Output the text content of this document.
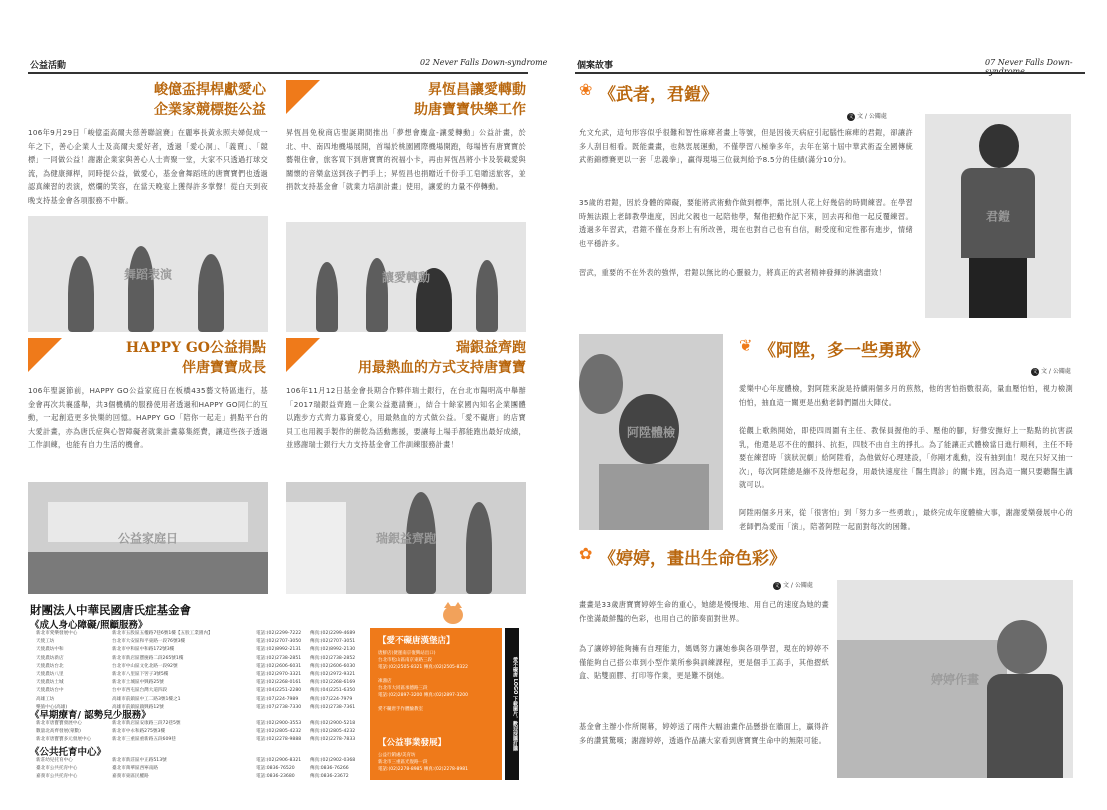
公益活動	02 Never Falls Down-syndrome
峻億盃捍桿獻愛心
企業家競標挺公益
106年9月29日「峻億盃高爾夫慈善聯誼賽」在麗寧長黃永照夫婦促成一年之下，善心企業人士及高爾夫愛好者，透過「愛心洞」、「義賣」、「競標」一同做公益！謝謝企業家與善心人士齊聚一堂，大家不只透過打球交流，為健康揮桿，同時提公益，做愛心，基金會舞蹈班的唐寶寶們也透過認真練習的表演，燃爛的笑容，在當天晚宴上獲得許多掌聲！從白天到夜晚支持基金會各項服務不中斷。
舞蹈表演
昇恆昌讓愛轉動
助唐寶寶快樂工作
昇恆昌免稅商店聖誕期間推出「夢想會麋盒-讓愛轉動」公益計畫，於北、中、南四地機場展開，首場於桃園國際機場開跑，每場皆有唐寶寶於藝報住會，旅客買下到唐寶寶的祝福小卡，再由昇恆昌將小卡及裝載愛與關懷的音樂盒送到孩子們手上；昇恆昌也捐贈近千份手工皂贈送旅客，並捐款支持基金會「就業力培訓計畫」使用，讓愛的力量不停轉動。
讓愛轉動
HAPPY GO公益捐點
伴唐寶寶成長
106年聖誕節前，HAPPY GO公益家庭日在板橋435藝文特區進行，基金會再次共襄盛舉，共3個機構的服務使用者透過和HAPPY GO同仁的互動，一起創造更多快樂的回憶。HAPPY GO「陪你一起走」捐點平台的大愛計畫，亦為唐氏症與心智障礙者就業計畫募集經費，讓這些孩子透過工作訓練，也能有自力生活的機會。
公益家庭日
瑞銀益齊跑
用最熱血的方式支持唐寶寶
106年11月12日基金會長期合作夥伴瑞士銀行，在台北市陽明高中舉辦「2017瑞銀益齊跑－企業公益邀請賽」，結合十餘家國內知名企業團體以跑步方式齊力募資愛心，用最熱血的方式做公益。「愛不礙唐」的店寶貝工也用親手製作的餅乾為活動應援，要讓每上場手都能跑出最好成績，並感謝瑞士銀行大力支持基金會工作訓練服務計畫！
瑞銀益齊跑
財團法人中華民國唐氏症基金會
《成人身心障礙/照顧服務》
新北市愛樂發展中心	新北市五股區五權路7巷6號1樓【五股工業園內】	電話:(02)2299-7222	傳真:(02)2299-4689
天使工坊	台北市大安區和平東路一段76號3樓	電話:(02)2707-3050	傳真:(02)2707-3051
天使農坊中和	新北市中和區中和路172號3樓	電話:(02)8992-2131	傳真:(02)8992-2130
天使農坊新店	新北市新店區寶慶路二段265號1樓	電話:(02)2738-2851	傳真:(02)2738-2852
天使農坊台北	台北市中山區文化北路一段92號	電話:(02)2606-6031	傳真:(02)2606-6030
天使農坊八里	新北市八里區下罟子3號5樓	電話:(02)2970-3321	傳真:(02)2972-9321
天使農坊土城	新北市土城區中興路25號	電話:(02)2268-0161	傳真:(02)2268-6169
天使農坊台中	台中市西屯區台灣大道四段	電話:(04)2251-2280	傳真:(04)2251-6350
高雄工坊	高雄市前鎮區中工二路3號1樓之1	電話:(07)224-7989	傳真:(07)224-7979
樂旅中心(高雄)	高雄市前鎮區鎮興路12號	電話:(07)2738-7330	傳真:(02)2738-7361
《早期療育/ 認勢兒少服務》
新北市唐寶寶發展中心	新北市新店區安康路三段72巷5號	電話:(02)2900-3553	傳真:(02)2900-5218
數量北高齊發展(蒙數)	新北市中永和路275號3樓	電話:(02)2805-4232	傳真:(02)2805-4232
新北市唐寶寶多元發展中心	新北市三重區重新路五段609巷	電話:(02)2278-9888	傳真:(02)2278-7833
《公共托育中心》
新莊幼兒托育中心	新北市新莊區中正路513號	電話:(02)2906-8321	傳真:(02)2902-0368
臺北市公共托育中心	臺北市萬華區西寧南路	電話:0836-76520	傳真:0836-76266
嘉義市公共托育中心	嘉義市東區民權路	電話:0836-23680	傳真:0836-23672
【愛不礙唐漢堡店】
唐鮮店(捷運南京復興站出口)
台北市松山區南京東路三段
電話:(02)2505-8321 傳真:(02)2505-8322

凍鴻店
台北市大同區承德路三段
電話:(02)2897-3200 傳真:(02)2897-3200

愛不礙唐手作體驗教室
【公益事業發展】
公益行銷處/美育坊
新北市三重區光復路一段
電話:(02)2278-8985 傳真:(02)2278-8981
愛不礙唐 LOGO 下載圖片，歡迎採購訂購
個案故事	07 Never Falls Down-
❀ 《武者，君鎧》
文 文 / 公關處
允文允武，這句形容似乎很難和智性麻痺者畫上等號，但是因後天病症引起腦性麻痺的君鎧，卻讓許多人刮目相看。既能畫畫，也熱衷展運動，不僅學習八極拳多年，去年在第十屆中華武術盃全國傳統武術錦標賽更以一套「忠義拳」，贏得現場三位裁判給予8.5分的佳績(滿分10分)。
35歲的君鎧，因於身體的障礙，要能將武術動作做到標準，需比別人花上好幾倍的時間練習。在學習時無法跟上老師教學進度，因此父親也一起陪他學，幫他把動作記下來，回去再和他一起反覆練習。透過多年習武，君鎧不僅在身形上有所改善，現在也對自己也有自信，耐受度和定性都有進步，情緒也平穩許多。
習武，重要的不在外表的強悍，君鎧以無比的心靈毅力，將真正的武者精神發揮的淋漓盡致！
君鎧
阿陞體檢
❦ 《阿陞，多一些勇敢》
文 文 / 公關處
愛樂中心年度體檢，對阿陞來說是持續兩個多月的煎熬，他的害怕指數很高，量血壓怕怕，視力檢測怕怕，抽血這一關更是出動老師們圍出大陣仗。
從觀上歌熱開始，即使四周圍有主任、教保員握他的手、壓他的腳，好聲安撫好上一點點的抗害誤乳，他還是忍不住的顫抖、抗拒，四肢不由自主的掙扎。為了能讓正式體檢當日進行順利，主任不時要在練習時「演狀況劇」給阿陞看，為他做好心理建設，「你剛才亂動，沒有抽到血！現在只好又抽一次」，每次阿陞總是繃不及待想起身，用最快速度往「醫生問診」的關卡跑，因為這一關只要聽醫生講就可以。
阿陞兩個多月來，從「很害怕」到「努力多一些勇敢」，最終完成年度體檢大事，謝謝愛樂發展中心的老師們為愛而「演」，陪著阿陞一起面對每次的困難。
✿ 《婷婷，畫出生命色彩》
文 文 / 公關處
畫畫是33歲唐寶寶婷婷生命的重心，她總是慢慢地、用自己的速度為她的畫作塗滿最鮮豔的色彩，也用自己的節奏面對世界。
為了讓婷婷能夠擁有自理能力，媽媽努力讓她參與各項學習，現在的婷婷不僅能夠自己搭公車到小型作業所參與訓練課程，更是個手工高手，其他摺紙盒、貼雙面膠、打印等作業，更是難不倒她。
基金會主辦小作所開幕，婷婷送了兩件大幅油畫作品懸掛在牆面上，贏得許多的讚賞驚嘆；謝謝婷婷，透過作品讓大家看到唐寶寶生命中的無限可能。
婷婷作畫
